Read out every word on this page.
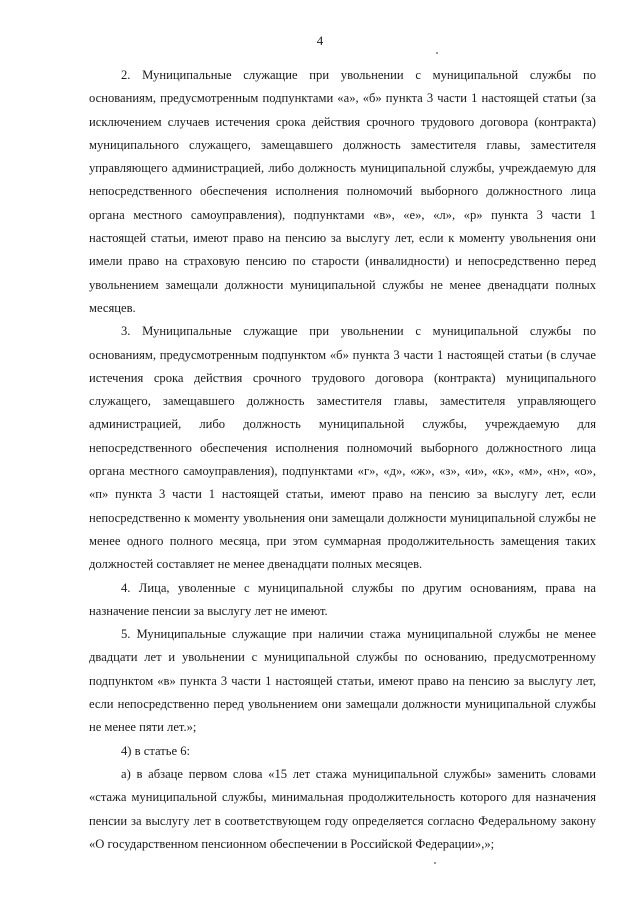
4

2. Муниципальные служащие при увольнении с муниципальной службы по основаниям, предусмотренным подпунктами «а», «б» пункта 3 части 1 настоящей статьи (за исключением случаев истечения срока действия срочного трудового договора (контракта) муниципального служащего, замещавшего должность заместителя главы, заместителя управляющего администрацией, либо должность муниципальной службы, учреждаемую для непосредственного обеспечения исполнения полномочий выборного должностного лица органа местного самоуправления), подпунктами «в», «е», «л», «р» пункта 3 части 1 настоящей статьи, имеют право на пенсию за выслугу лет, если к моменту увольнения они имели право на страховую пенсию по старости (инвалидности) и непосредственно перед увольнением замещали должности муниципальной службы не менее двенадцати полных месяцев.

3. Муниципальные служащие при увольнении с муниципальной службы по основаниям, предусмотренным подпунктом «б» пункта 3 части 1 настоящей статьи (в случае истечения срока действия срочного трудового договора (контракта) муниципального служащего, замещавшего должность заместителя главы, заместителя управляющего администрацией, либо должность муниципальной службы, учреждаемую для непосредственного обеспечения исполнения полномочий выборного должностного лица органа местного самоуправления), подпунктами «г», «д», «ж», «з», «и», «к», «м», «н», «о», «п» пункта 3 части 1 настоящей статьи, имеют право на пенсию за выслугу лет, если непосредственно к моменту увольнения они замещали должности муниципальной службы не менее одного полного месяца, при этом суммарная продолжительность замещения таких должностей составляет не менее двенадцати полных месяцев.

4. Лица, уволенные с муниципальной службы по другим основаниям, права на назначение пенсии за выслугу лет не имеют.

5. Муниципальные служащие при наличии стажа муниципальной службы не менее двадцати лет и увольнении с муниципальной службы по основанию, предусмотренному подпунктом «в» пункта 3 части 1 настоящей статьи, имеют право на пенсию за выслугу лет, если непосредственно перед увольнением они замещали должности муниципальной службы не менее пяти лет.»;

4) в статье 6:

а) в абзаце первом слова «15 лет стажа муниципальной службы» заменить словами «стажа муниципальной службы, минимальная продолжительность которого для назначения пенсии за выслугу лет в соответствующем году определяется согласно Федеральному закону «О государственном пенсионном обеспечении в Российской Федерации»,»;
